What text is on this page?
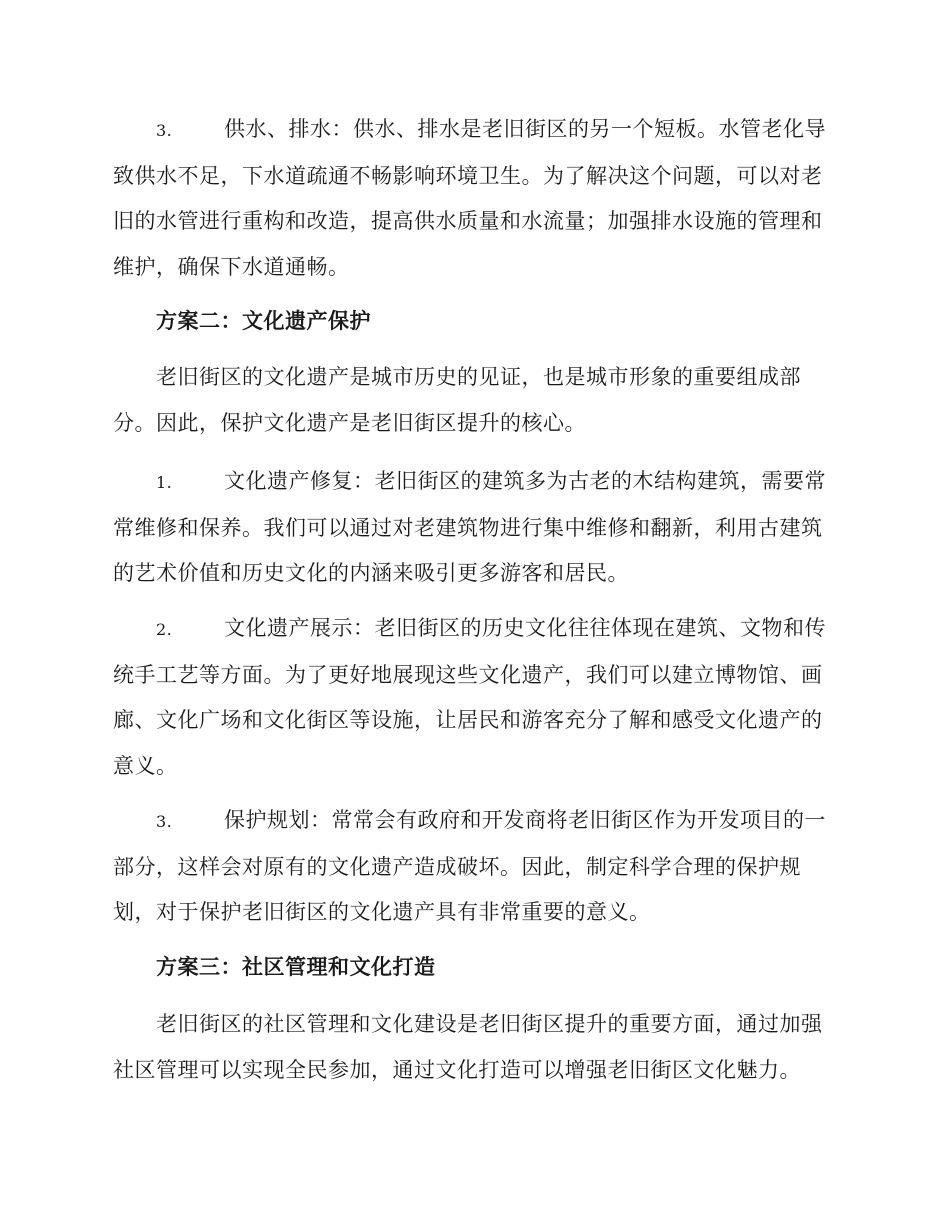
3. 供水、排水：供水、排水是老旧街区的另一个短板。水管老化导致供水不足，下水道疏通不畅影响环境卫生。为了解决这个问题，可以对老旧的水管进行重构和改造，提高供水质量和水流量；加强排水设施的管理和维护，确保下水道通畅。

方案二：文化遗产保护

老旧街区的文化遗产是城市历史的见证，也是城市形象的重要组成部分。因此，保护文化遗产是老旧街区提升的核心。

1. 文化遗产修复：老旧街区的建筑多为古老的木结构建筑，需要常常维修和保养。我们可以通过对老建筑物进行集中维修和翻新，利用古建筑的艺术价值和历史文化的内涵来吸引更多游客和居民。

2. 文化遗产展示：老旧街区的历史文化往往体现在建筑、文物和传统手工艺等方面。为了更好地展现这些文化遗产，我们可以建立博物馆、画廊、文化广场和文化街区等设施，让居民和游客充分了解和感受文化遗产的意义。

3. 保护规划：常常会有政府和开发商将老旧街区作为开发项目的一部分，这样会对原有的文化遗产造成破坏。因此，制定科学合理的保护规划，对于保护老旧街区的文化遗产具有非常重要的意义。

方案三：社区管理和文化打造

老旧街区的社区管理和文化建设是老旧街区提升的重要方面，通过加强社区管理可以实现全民参加，通过文化打造可以增强老旧街区文化魅力。
